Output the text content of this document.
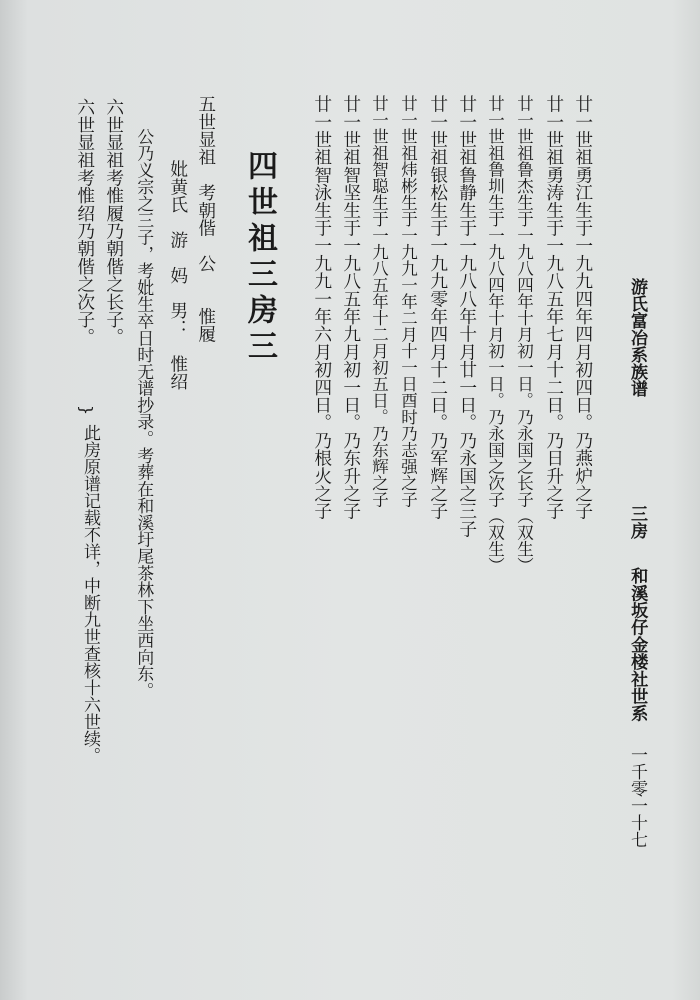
游氏富冶系族谱
三房
和溪坂仔金楼社世系
一千零一十七
廿一世祖勇江生于一九九四年四月初四日。乃燕炉之子
廿一世祖勇涛生于一九八五年七月十二日。乃日升之子
廿一世祖鲁杰生于一九八四年十月初一日。乃永国之长子（双生）
廿一世祖鲁圳生于一九八四年十月初一日。乃永国之次子（双生）
廿一世祖鲁静生于一九八八年十月廿一日。乃永国之三子
廿一世祖银松生于一九九零年四月十二日。乃军辉之子
廿一世祖炜彬生于一九九一年二月十一日酉时乃志强之子
廿一世祖智聪生于一九八五年十二月初五日。乃东辉之子
廿一世祖智坚生于一九八五年九月初一日。乃东升之子
廿一世祖智泳生于一九九一年六月初四日。乃根火之子
四世祖三房三
五世显祖　考朝偕　公　　惟履
妣黄氏　游　妈　男：　惟绍
公乃义宗之三子，考妣生卒日时无谱抄录。考葬在和溪圩尾茶林下坐西向东。
六世显祖考惟履乃朝偕之长子。
六世显祖考惟绍乃朝偕之次子。
}
此房原谱记载不详，中断九世查核十六世续。
